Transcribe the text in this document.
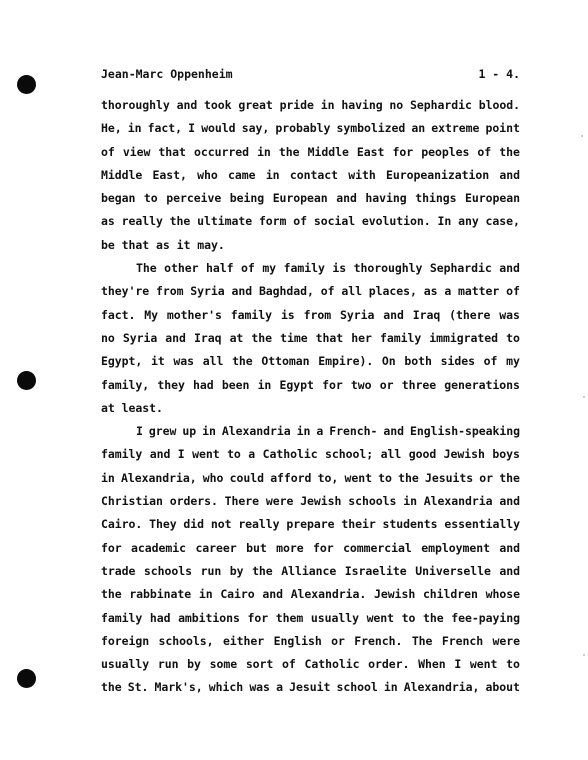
Jean-Marc Oppenheim	1 - 4.
thoroughly and took great pride in having no Sephardic blood.
He, in fact, I would say, probably symbolized an extreme point
of view that occurred in the Middle East for peoples of the
Middle East, who came in contact with Europeanization and
began to perceive being European and having things European
as really the ultimate form of social evolution. In any case,
be that as it may.
The other half of my family is thoroughly Sephardic and
they're from Syria and Baghdad, of all places, as a matter of
fact. My mother's family is from Syria and Iraq (there was
no Syria and Iraq at the time that her family immigrated to
Egypt, it was all the Ottoman Empire). On both sides of my
family, they had been in Egypt for two or three generations
at least.
I grew up in Alexandria in a French- and English-speaking
family and I went to a Catholic school; all good Jewish boys
in Alexandria, who could afford to, went to the Jesuits or the
Christian orders. There were Jewish schools in Alexandria and
Cairo. They did not really prepare their students essentially
for academic career but more for commercial employment and
trade schools run by the Alliance Israelite Universelle and
the rabbinate in Cairo and Alexandria. Jewish children whose
family had ambitions for them usually went to the fee-paying
foreign schools, either English or French. The French were
usually run by some sort of Catholic order. When I went to
the St. Mark's, which was a Jesuit school in Alexandria, about
